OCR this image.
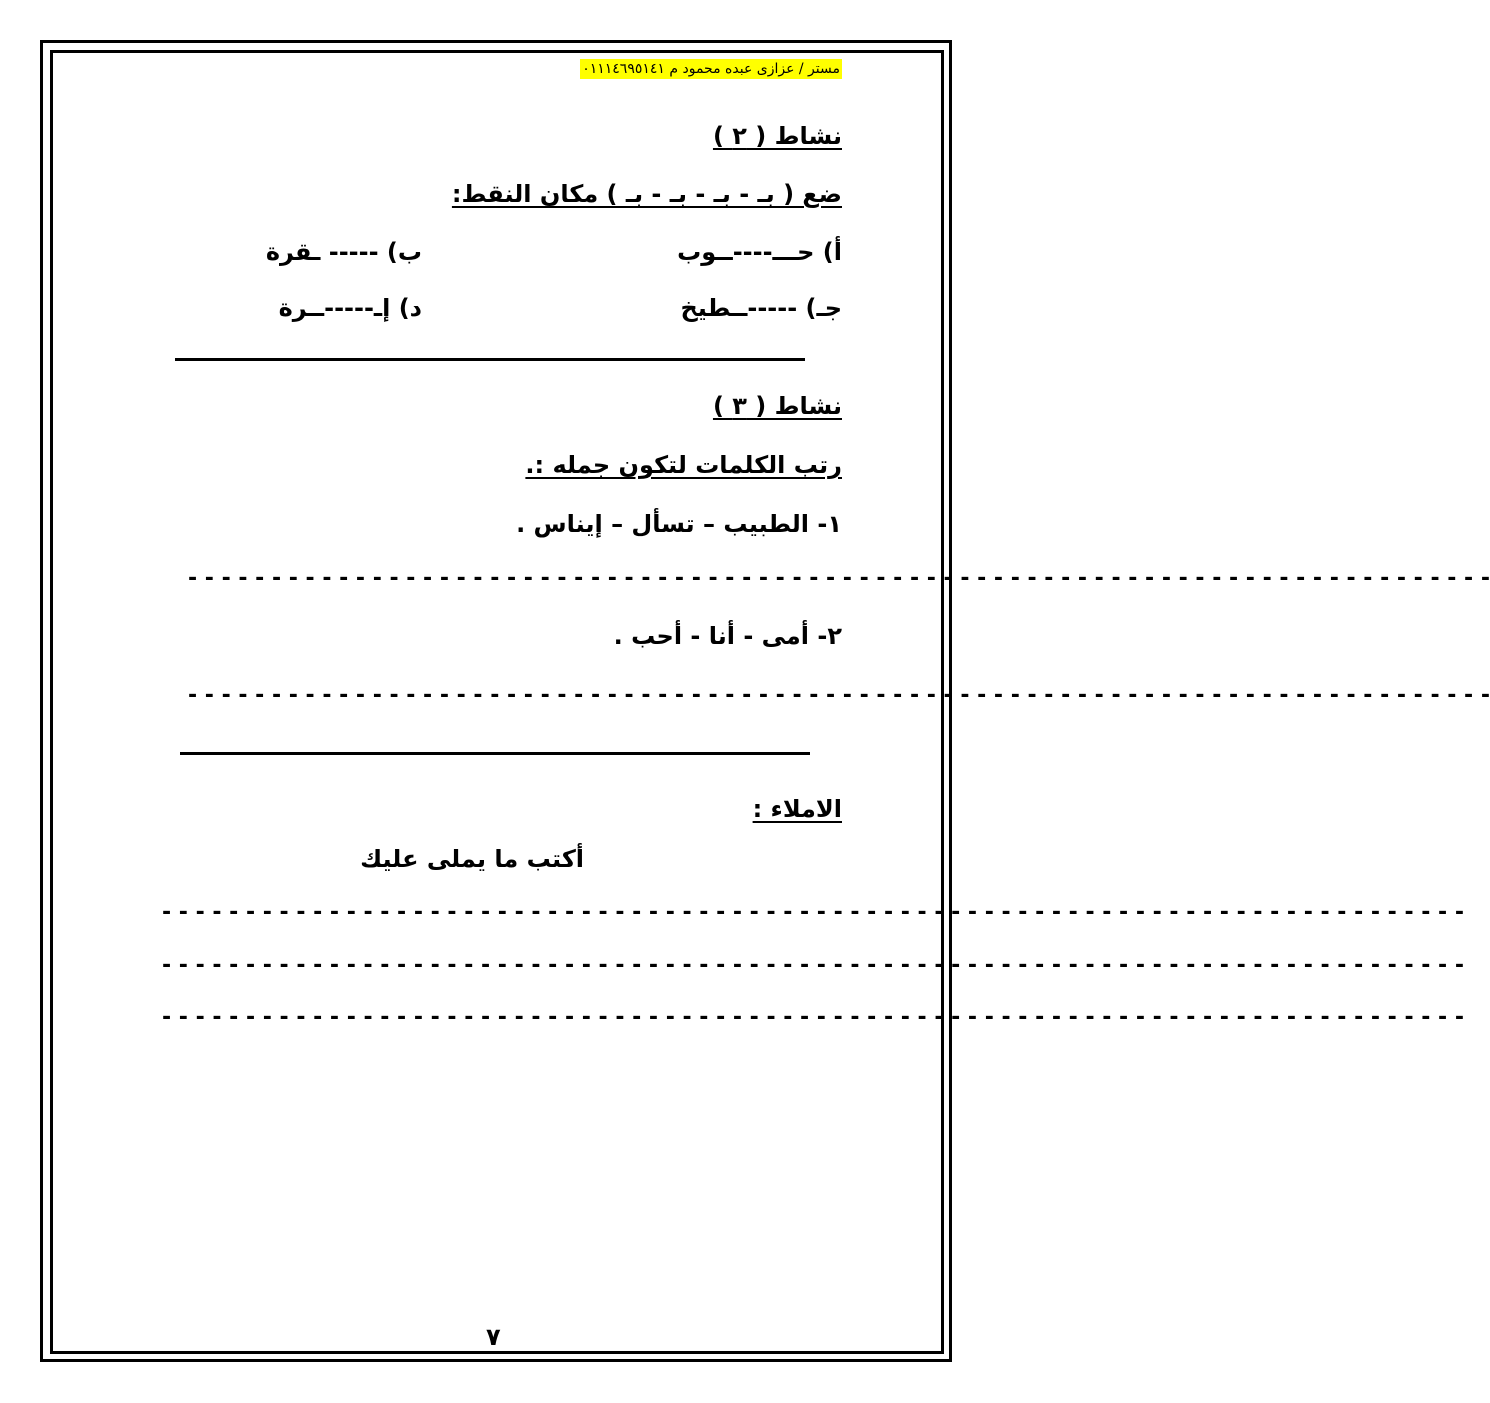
مستر / عزازى عبده محمود م ٠١١١٤٦٩٥١٤١
نشاط ( ٢ )
ضع ( بـ - بـ - بـ - بـ ) مكان النقط:
أ) حـــ----ــوب
ب) ----- ـقرة
جـ) -----ــطيخ
د) إـ-----ــرة
نشاط ( ٣ )
رتب الكلمات لتكون جمله :.
١- الطبيب – تسأل – إيناس .
- - - - - - - - - - - - - - - - - - - - - - - - - - - - - - - - - - - - - - - - - - - - - - - - - - - - - - - - - - - - - - - - - - - - - - - - - - - - - -
٢- أمى - أنا - أحب .
- - - - - - - - - - - - - - - - - - - - - - - - - - - - - - - - - - - - - - - - - - - - - - - - - - - - - - - - - - - - - - - - - - - - - - - - - - - - - -
الاملاء :
أكتب ما يملى عليك
- - - - - - - - - - - - - - - - - - - - - - - - - - - - - - - - - - - - - - - - - - - - - - - - - - - - - - - - - - - - - - - - - - - - - - - - - - - - - -
- - - - - - - - - - - - - - - - - - - - - - - - - - - - - - - - - - - - - - - - - - - - - - - - - - - - - - - - - - - - - - - - - - - - - - - - - - - - - -
- - - - - - - - - - - - - - - - - - - - - - - - - - - - - - - - - - - - - - - - - - - - - - - - - - - - - - - - - - - - - - - - - - - - - - - - - - - - - -
٧
